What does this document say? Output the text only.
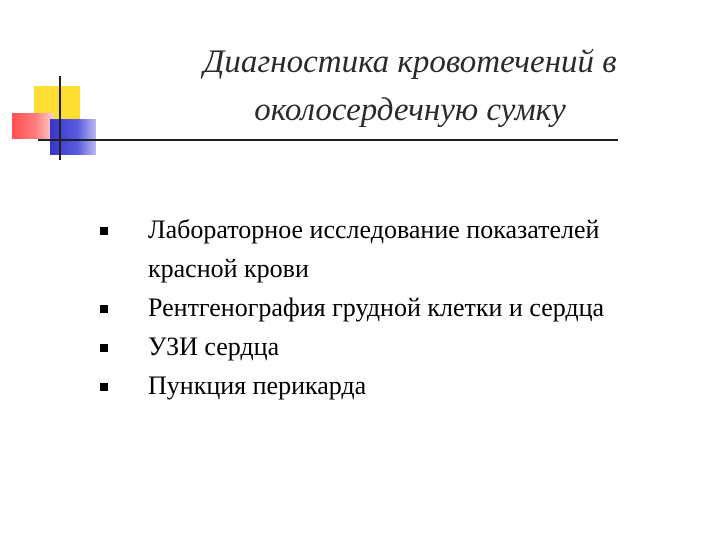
Диагностика кровотечений в
околосердечную сумку
Лабораторное исследование показателей красной крови
Рентгенография грудной клетки и сердца
УЗИ сердца
Пункция перикарда
